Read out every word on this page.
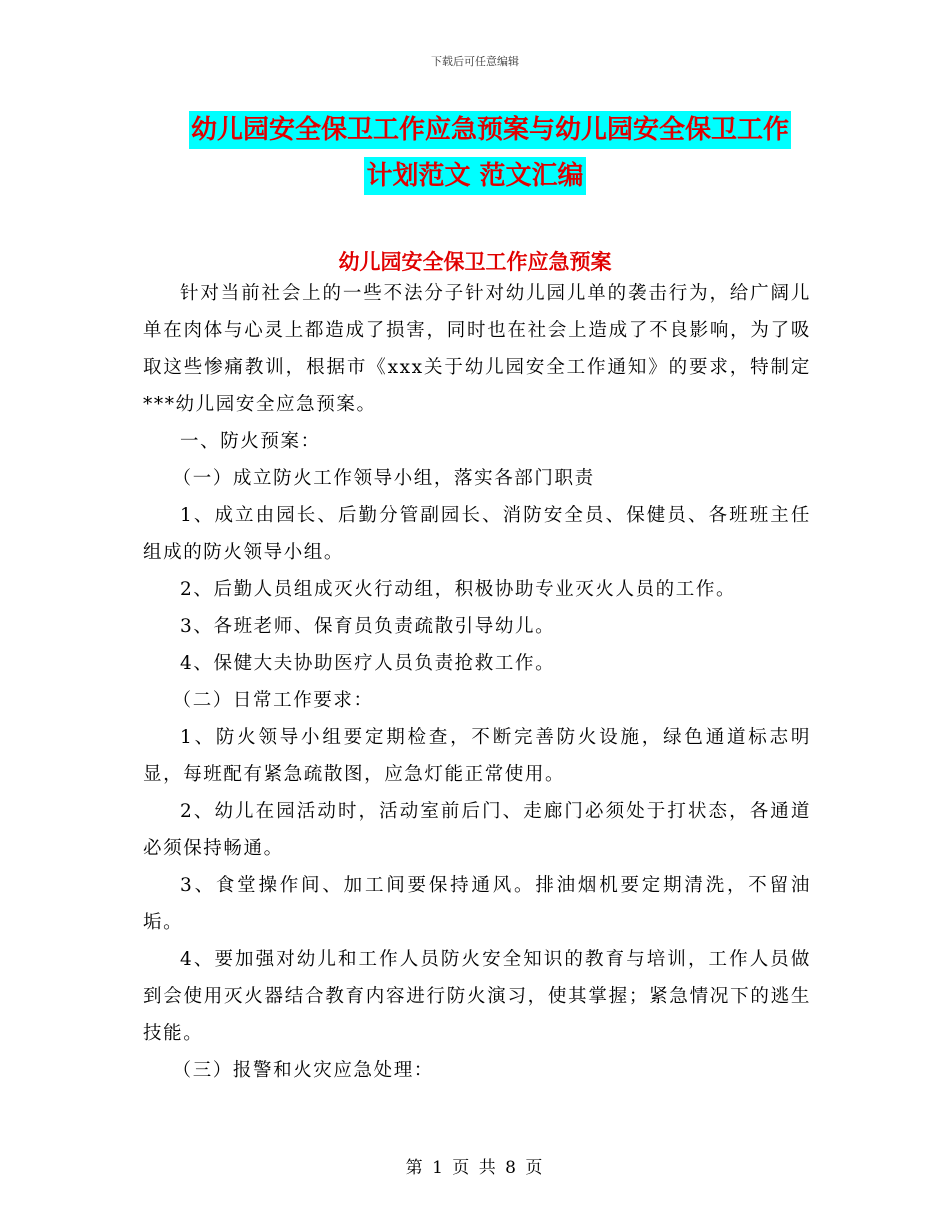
下载后可任意编辑
幼儿园安全保卫工作应急预案与幼儿园安全保卫工作
计划范文 范文汇编
幼儿园安全保卫工作应急预案

针对当前社会上的一些不法分子针对幼儿园儿单的袭击行为，给广阔儿单在肉体与心灵上都造成了损害，同时也在社会上造成了不良影响，为了吸取这些惨痛教训，根据市《xxx关于幼儿园安全工作通知》的要求，特制定***幼儿园安全应急预案。

一、防火预案：

（一）成立防火工作领导小组，落实各部门职责

1、成立由园长、后勤分管副园长、消防安全员、保健员、各班班主任组成的防火领导小组。

2、后勤人员组成灭火行动组，积极协助专业灭火人员的工作。

3、各班老师、保育员负责疏散引导幼儿。

4、保健大夫协助医疗人员负责抢救工作。

（二）日常工作要求：

1、防火领导小组要定期检查，不断完善防火设施，绿色通道标志明显，每班配有紧急疏散图，应急灯能正常使用。

2、幼儿在园活动时，活动室前后门、走廊门必须处于打状态，各通道必须保持畅通。

3、食堂操作间、加工间要保持通风。排油烟机要定期清洗，不留油垢。

4、要加强对幼儿和工作人员防火安全知识的教育与培训，工作人员做到会使用灭火器结合教育内容进行防火演习，使其掌握；紧急情况下的逃生技能。

（三）报警和火灾应急处理：

第 1 页 共 8 页
